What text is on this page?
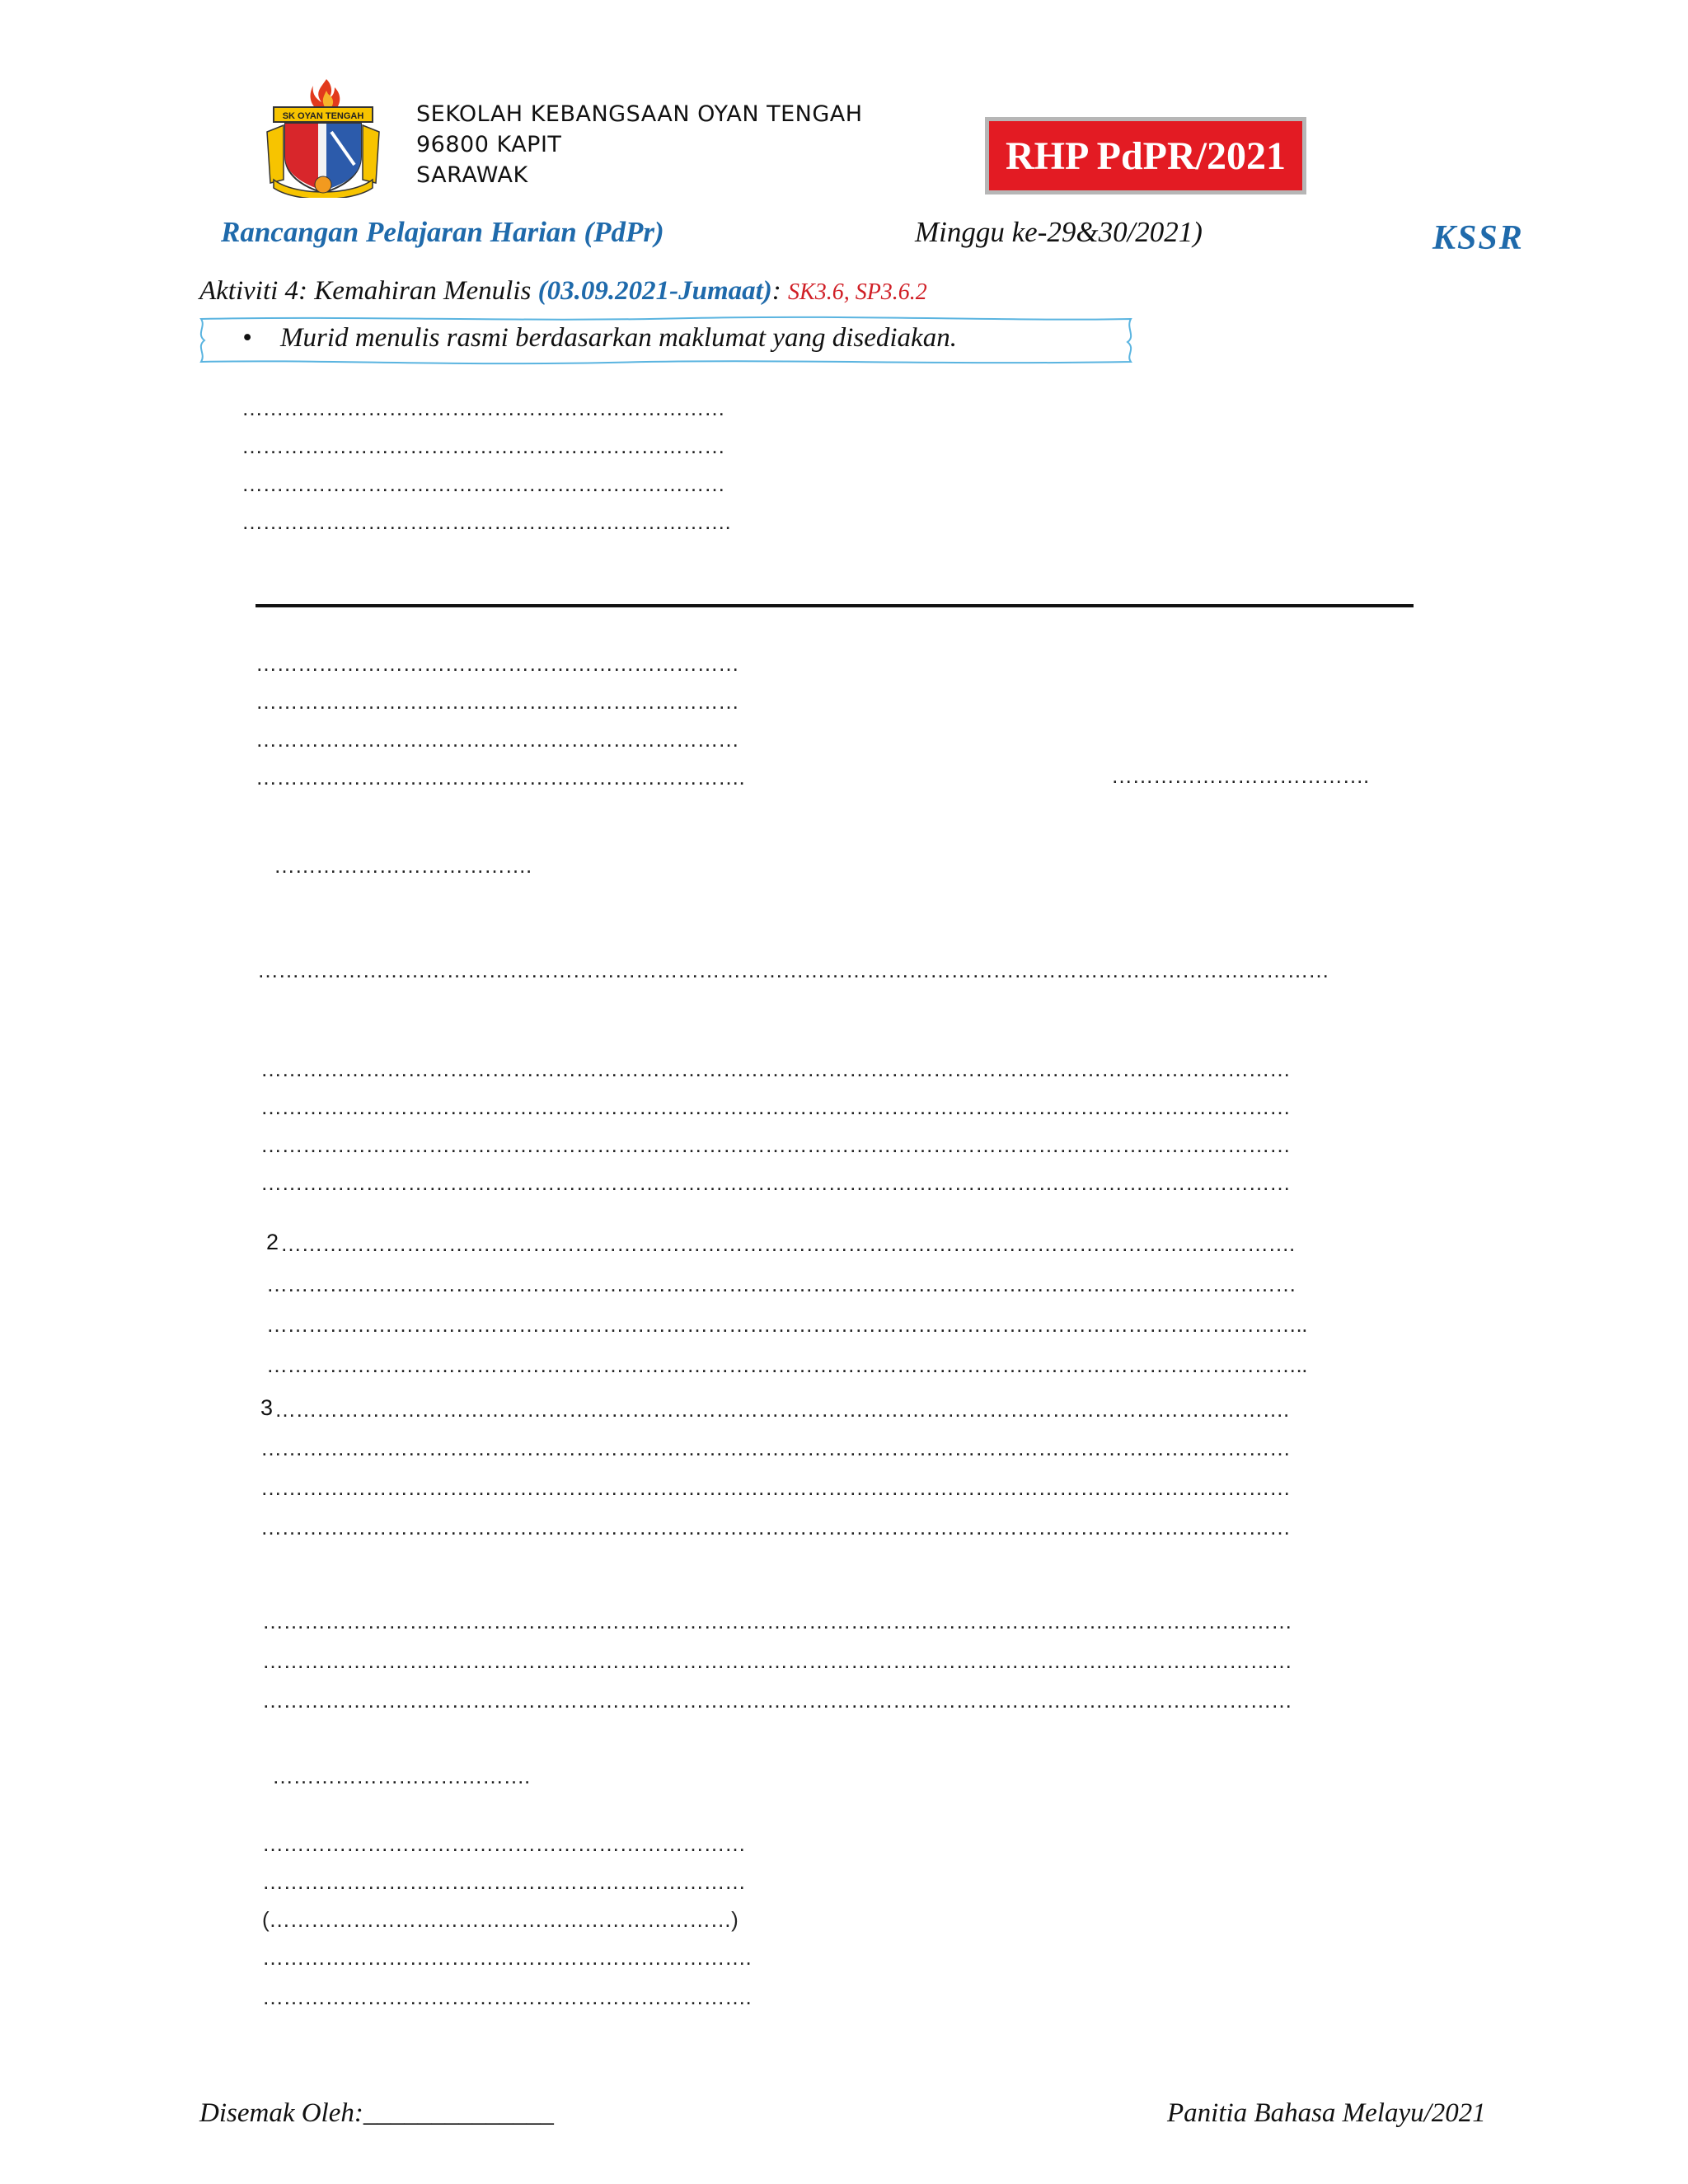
SK OYAN TENGAH SEKOLAH KEBANGSAAN OYAN TENGAH
96800 KAPIT
SARAWAK	RHP PdPR/2021
Rancangan Pelajaran Harian (PdPr)	Minggu ke-29&30/2021)	KSSR
Aktiviti 4: Kemahiran Menulis (03.09.2021-Jumaat): SK3.6, SP3.6.2
• Murid menulis rasmi berdasarkan maklumat yang disediakan.
……………………………………………………………
……………………………………………………………
……………………………………………………………
…………………………………………………………….
……………………………………………………………
……………………………………………………………
……………………………………………………………
…………………………………………………………….	……………………………….
……………………………….
………………………………………………………………………………………………………………………………………
…………………………………………………………………………………………………………………………………
…………………………………………………………………………………………………………………………………
…………………………………………………………………………………………………………………………………
…………………………………………………………………………………………………………………………………
2 ……………………………………………………………………………………………………………………………….
…………………………………………………………………………………………………………………………………
…………………………………………………………………………………………………………………………………..
…………………………………………………………………………………………………………………………………..
3 ……………………………………………………………………………………………………………………………….
…………………………………………………………………………………………………………………………………
…………………………………………………………………………………………………………………………………
…………………………………………………………………………………………………………………………………
…………………………………………………………………………………………………………………………………
…………………………………………………………………………………………………………………………………
…………………………………………………………………………………………………………………………………
……………………………….
……………………………………………………………
……………………………………………………………
(…………………………………………………………)
…………………………………………………………….
…………………………………………………………….
Disemak Oleh:______________	Panitia Bahasa Melayu/2021
